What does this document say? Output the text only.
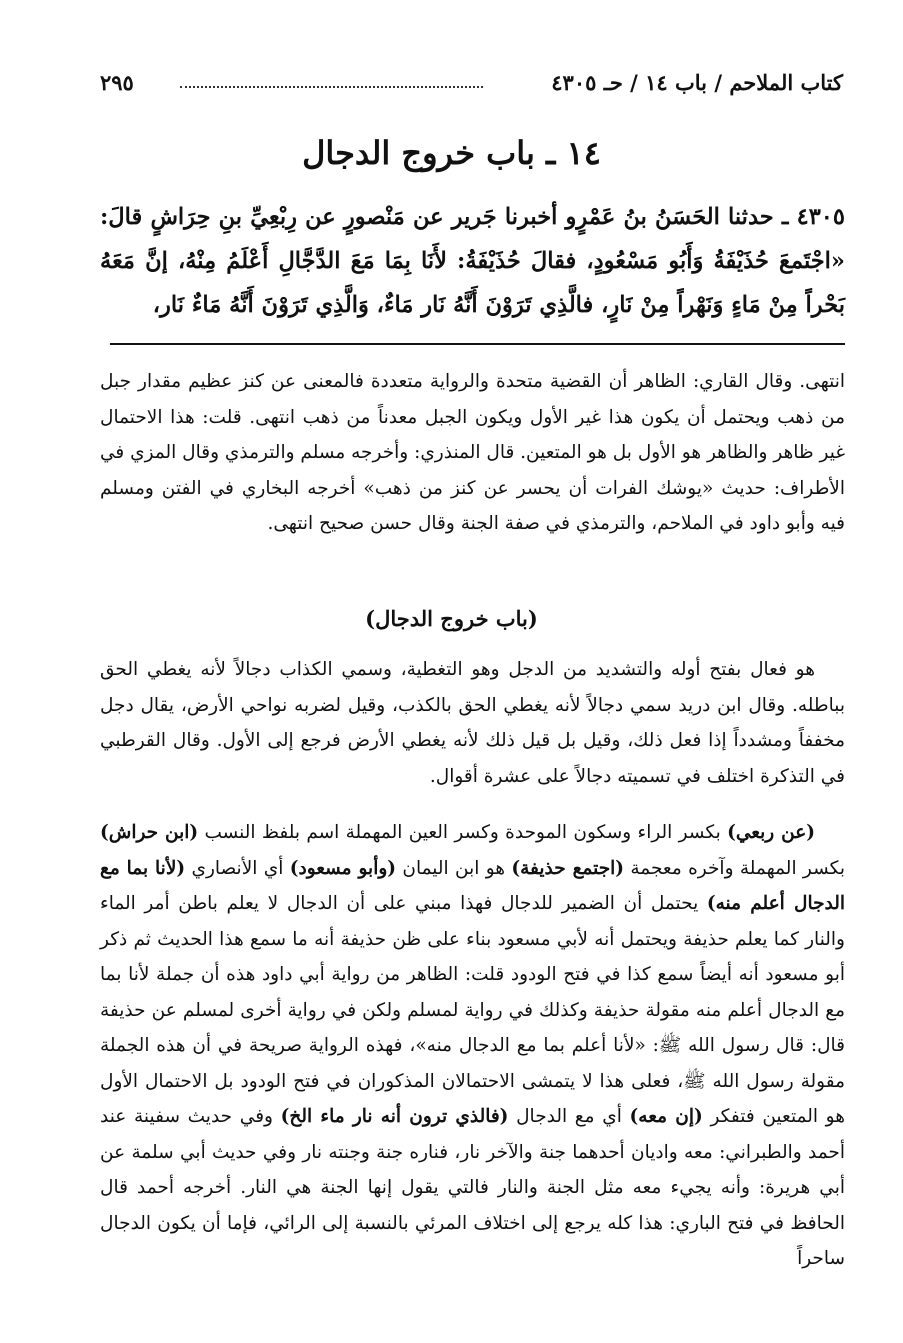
كتاب الملاحم / باب ١٤ / حـ ٤٣٠٥
٢٩٥
١٤ ـ باب خروج الدجال
٤٣٠٥ ـ حدثنا الحَسَنُ بنُ عَمْرٍو أخبرنا جَرير عن مَنْصورٍ عن رِبْعِيِّ بنِ حِرَاشٍ قالَ: «اجْتَمعَ حُذَيْفَةُ وَأَبُو مَسْعُودٍ، فقالَ حُذَيْفَةُ: لأَنَا بِمَا مَعَ الدَّجَّالِ أَعْلَمُ مِنْهُ، إنَّ مَعَهُ بَحْراً مِنْ مَاءٍ وَنَهْراً مِنْ نَارٍ، فالَّذِي تَرَوْنَ أَنَّهُ نَار مَاءٌ، وَالَّذِي تَرَوْنَ أَنَّهُ مَاءٌ نَار،

انتهى. وقال القاري: الظاهر أن القضية متحدة والرواية متعددة فالمعنى عن كنز عظيم مقدار جبل من ذهب ويحتمل أن يكون هذا غير الأول ويكون الجبل معدناً من ذهب انتهى. قلت: هذا الاحتمال غير ظاهر والظاهر هو الأول بل هو المتعين. قال المنذري: وأخرجه مسلم والترمذي وقال المزي في الأطراف: حديث «يوشك الفرات أن يحسر عن كنز من ذهب» أخرجه البخاري في الفتن ومسلم فيه وأبو داود في الملاحم، والترمذي في صفة الجنة وقال حسن صحيح انتهى.

(باب خروج الدجال)

هو فعال بفتح أوله والتشديد من الدجل وهو التغطية، وسمي الكذاب دجالاً لأنه يغطي الحق بباطله. وقال ابن دريد سمي دجالاً لأنه يغطي الحق بالكذب، وقيل لضربه نواحي الأرض، يقال دجل مخففاً ومشدداً إذا فعل ذلك، وقيل بل قيل ذلك لأنه يغطي الأرض فرجع إلى الأول. وقال القرطبي في التذكرة اختلف في تسميته دجالاً على عشرة أقوال.

(عن ربعي) بكسر الراء وسكون الموحدة وكسر العين المهملة اسم بلفظ النسب (ابن حراش) بكسر المهملة وآخره معجمة (اجتمع حذيفة) هو ابن اليمان (وأبو مسعود) أي الأنصاري (لأنا بما مع الدجال أعلم منه) يحتمل أن الضمير للدجال فهذا مبني على أن الدجال لا يعلم باطن أمر الماء والنار كما يعلم حذيفة ويحتمل أنه لأبي مسعود بناء على ظن حذيفة أنه ما سمع هذا الحديث ثم ذكر أبو مسعود أنه أيضاً سمع كذا في فتح الودود قلت: الظاهر من رواية أبي داود هذه أن جملة لأنا بما مع الدجال أعلم منه مقولة حذيفة وكذلك في رواية لمسلم ولكن في رواية أخرى لمسلم عن حذيفة قال: قال رسول الله ﷺ: «لأنا أعلم بما مع الدجال منه»، فهذه الرواية صريحة في أن هذه الجملة مقولة رسول الله ﷺ، فعلى هذا لا يتمشى الاحتمالان المذكوران في فتح الودود بل الاحتمال الأول هو المتعين فتفكر (إن معه) أي مع الدجال (فالذي ترون أنه نار ماء الخ) وفي حديث سفينة عند أحمد والطبراني: معه واديان أحدهما جنة والآخر نار، فناره جنة وجنته نار وفي حديث أبي سلمة عن أبي هريرة: وأنه يجيء معه مثل الجنة والنار فالتي يقول إنها الجنة هي النار. أخرجه أحمد قال الحافظ في فتح الباري: هذا كله يرجع إلى اختلاف المرئي بالنسبة إلى الرائي، فإما أن يكون الدجال ساحراً
